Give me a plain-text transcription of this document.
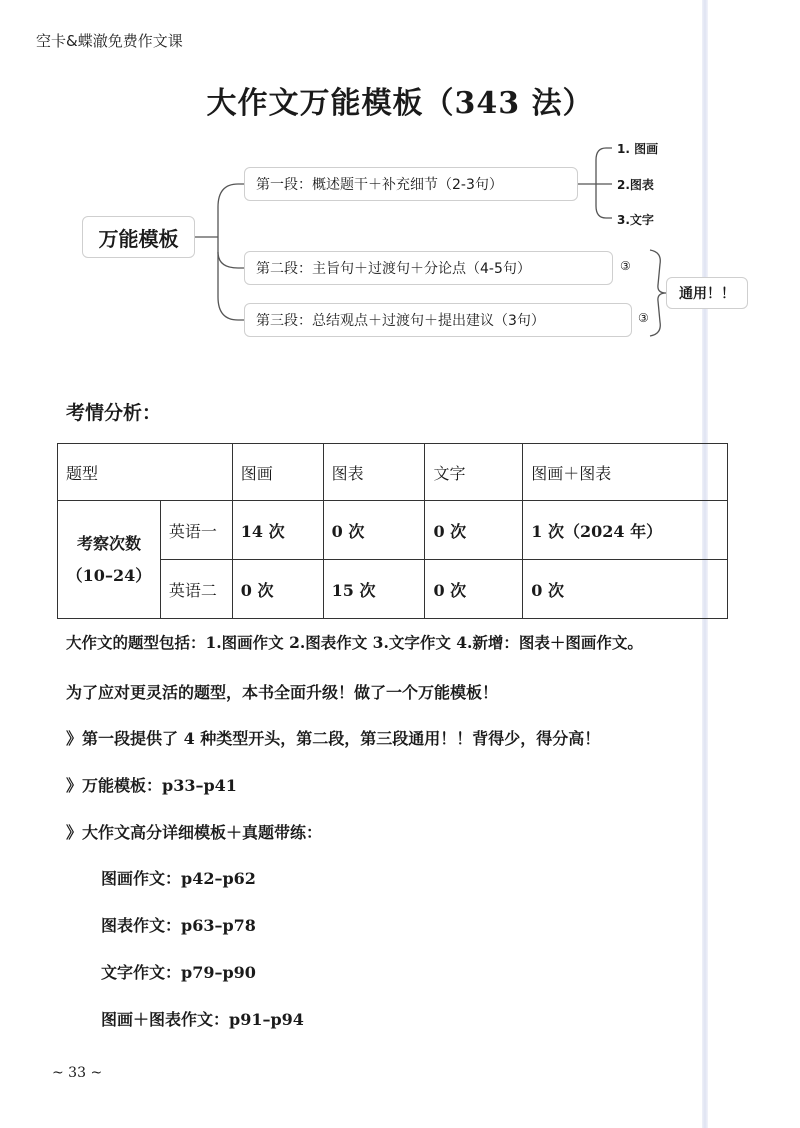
空卡&蝶澈免费作文课
大作文万能模板（343 法）
万能模板
第一段：概述题干＋补充细节（2-3句）
第二段：主旨句＋过渡句＋分论点（4-5句）
第三段：总结观点＋过渡句＋提出建议（3句）
1. 图画
2.图表
3.文字
③
③
通用！！
考情分析：
题型		图画	图表	文字	图画＋图表

考察次数
（10–24）	英语一	14 次	0 次	0 次	1 次（2024 年）
	英语二	0 次	15 次	0 次	0 次
大作文的题型包括：1.图画作文 2.图表作文 3.文字作文 4.新增：图表＋图画作文。
为了应对更灵活的题型，本书全面升级！做了一个万能模板！
》第一段提供了 4 种类型开头，第二段，第三段通用！！背得少，得分高！
》万能模板：p33–p41
》大作文高分详细模板＋真题带练：
图画作文：p42–p62
图表作文：p63–p78
文字作文：p79–p90
图画＋图表作文：p91–p94
~ 33 ~
